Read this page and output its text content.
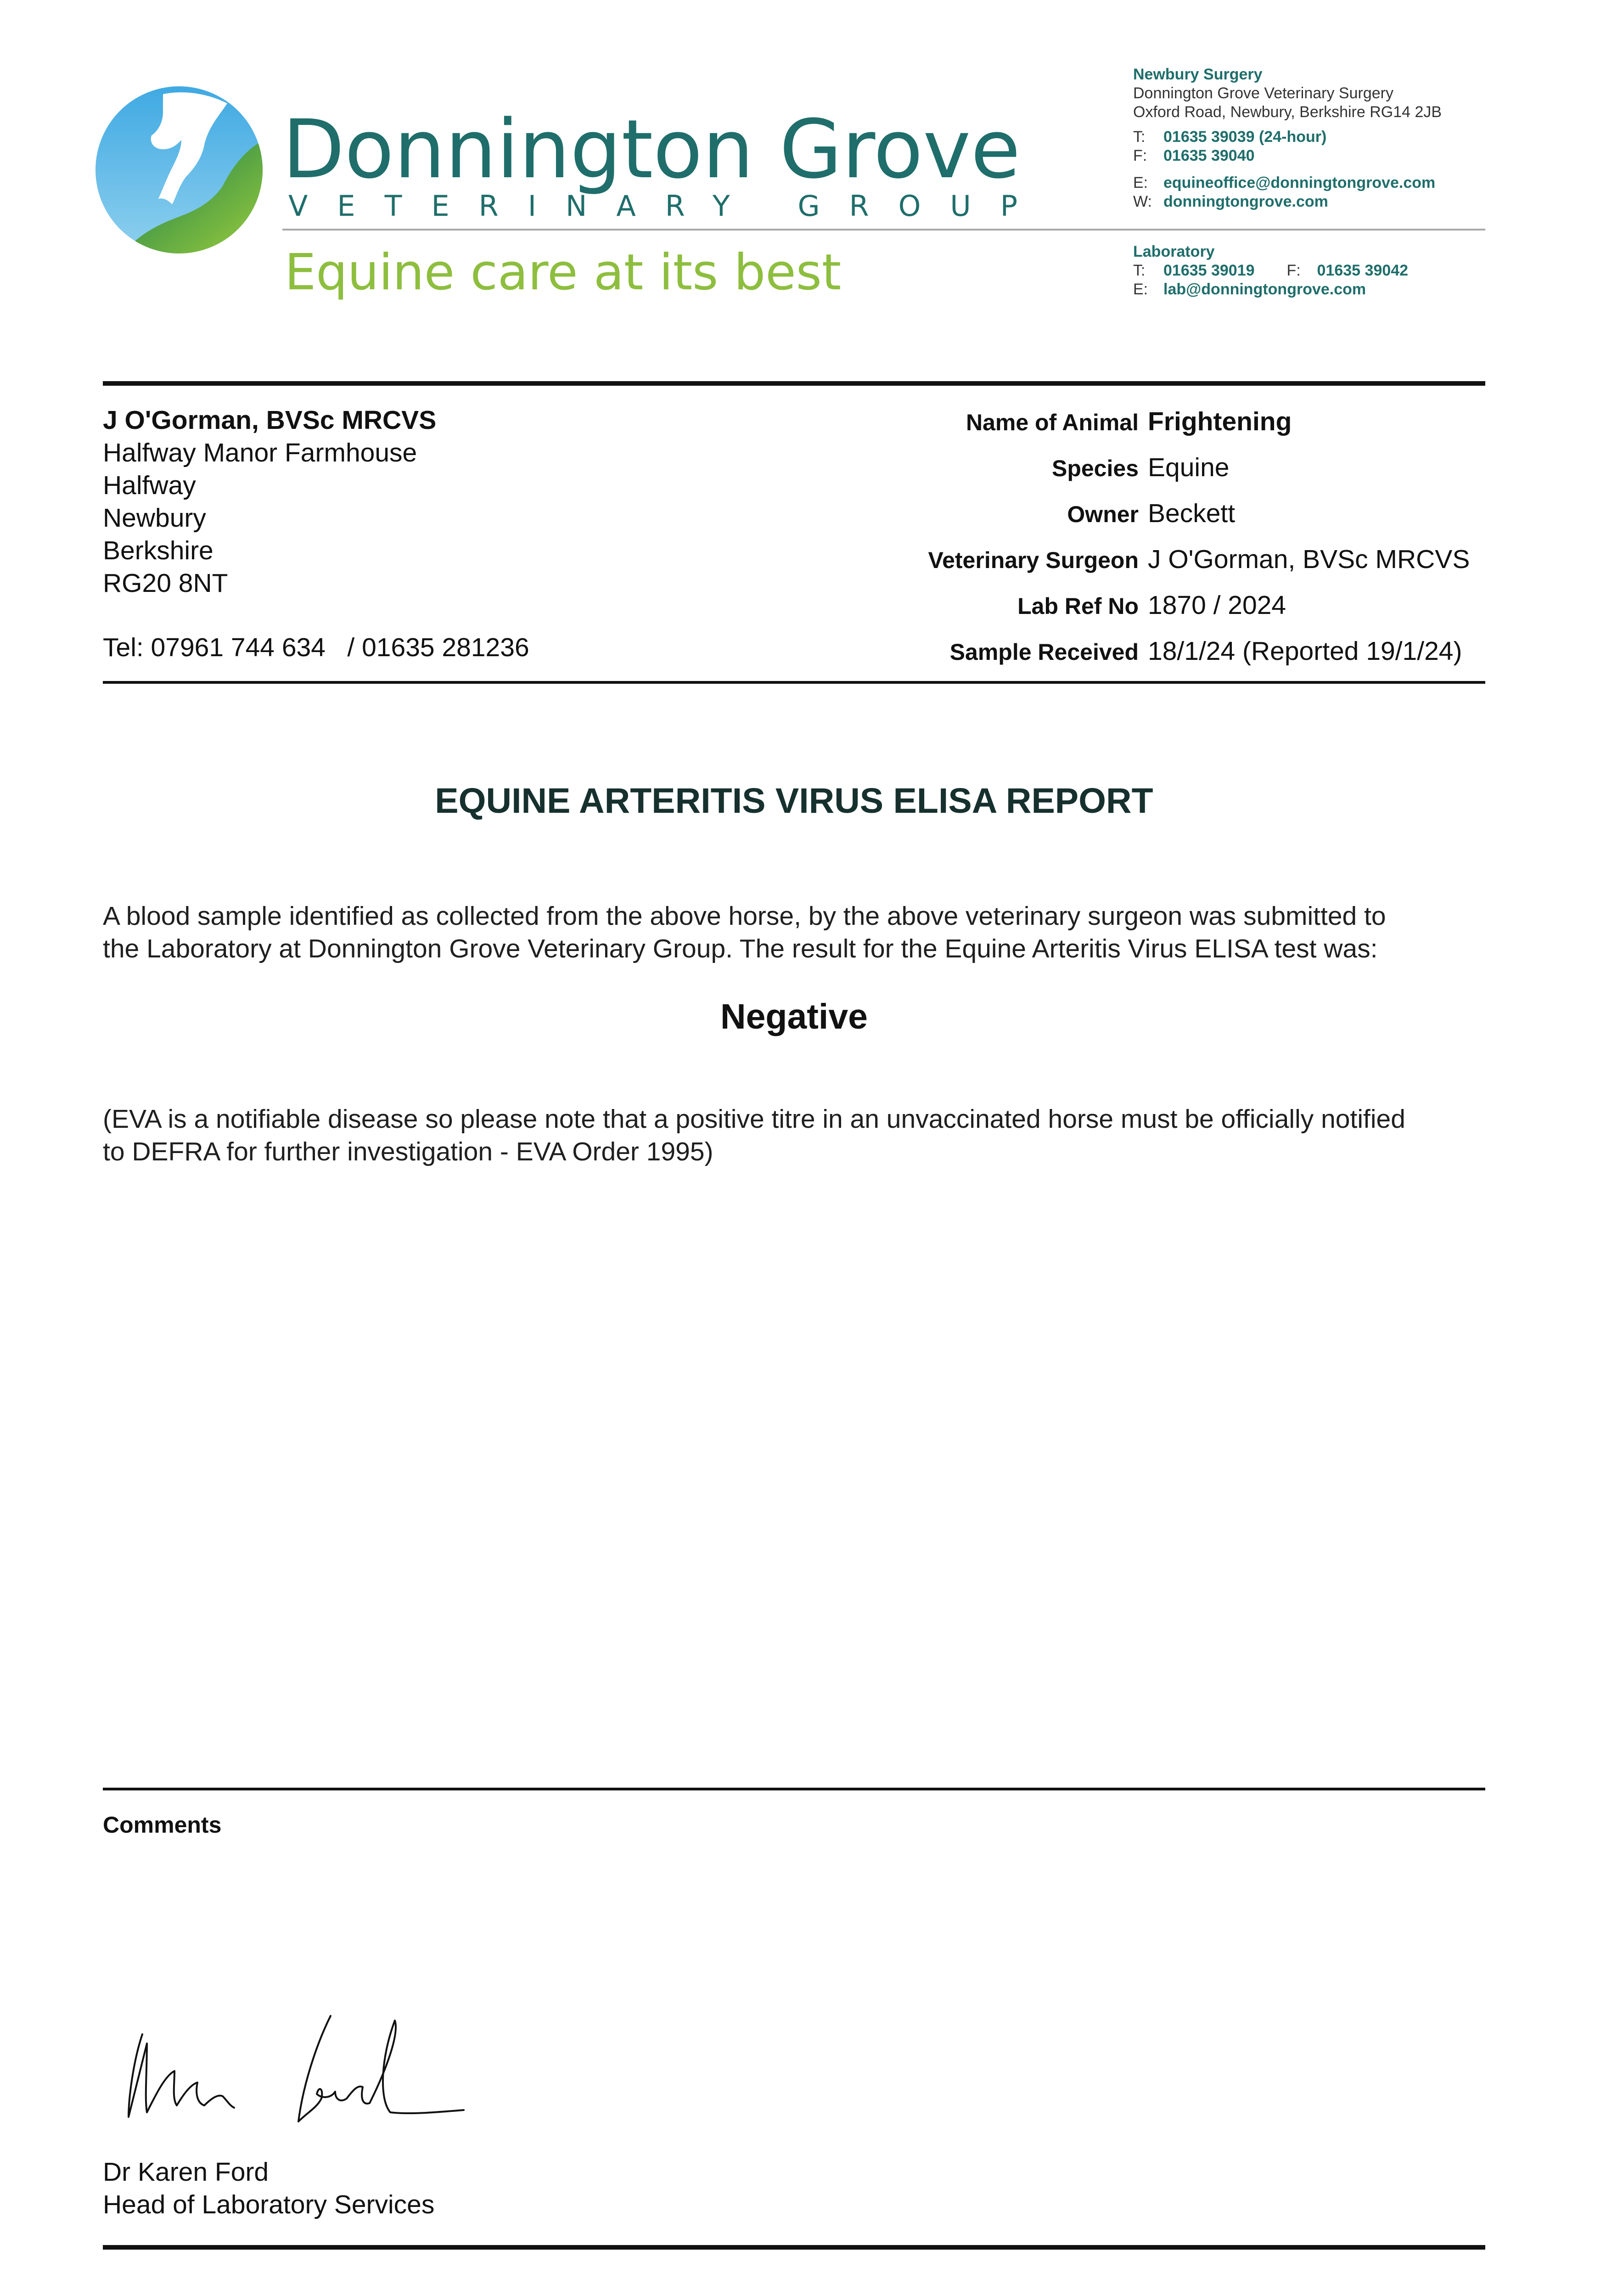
Donnington Grove
VETERINARY GROUP
Equine care at its best
Newbury Surgery
Donnington Grove Veterinary Surgery
Oxford Road, Newbury, Berkshire RG14 2JB
T: 01635 39039 (24-hour)
F: 01635 39040
E: equineoffice@donningtongrove.com
W: donningtongrove.com
Laboratory
T: 01635 39019 F: 01635 39042
E: lab@donningtongrove.com
J O'Gorman, BVSc MRCVS
Halfway Manor Farmhouse
Halfway
Newbury
Berkshire
RG20 8NT
Tel: 07961 744 634   / 01635 281236
Name of Animal Frightening
Species Equine
Owner Beckett
Veterinary Surgeon J O'Gorman, BVSc MRCVS
Lab Ref No 1870 / 2024
Sample Received 18/1/24 (Reported 19/1/24)
EQUINE ARTERITIS VIRUS ELISA REPORT
A blood sample identified as collected from the above horse, by the above veterinary surgeon was submitted to
the Laboratory at Donnington Grove Veterinary Group. The result for the Equine Arteritis Virus ELISA test was:
Negative
(EVA is a notifiable disease so please note that a positive titre in an unvaccinated horse must be officially notified
to DEFRA for further investigation - EVA Order 1995)
Comments
Dr Karen Ford
Head of Laboratory Services
